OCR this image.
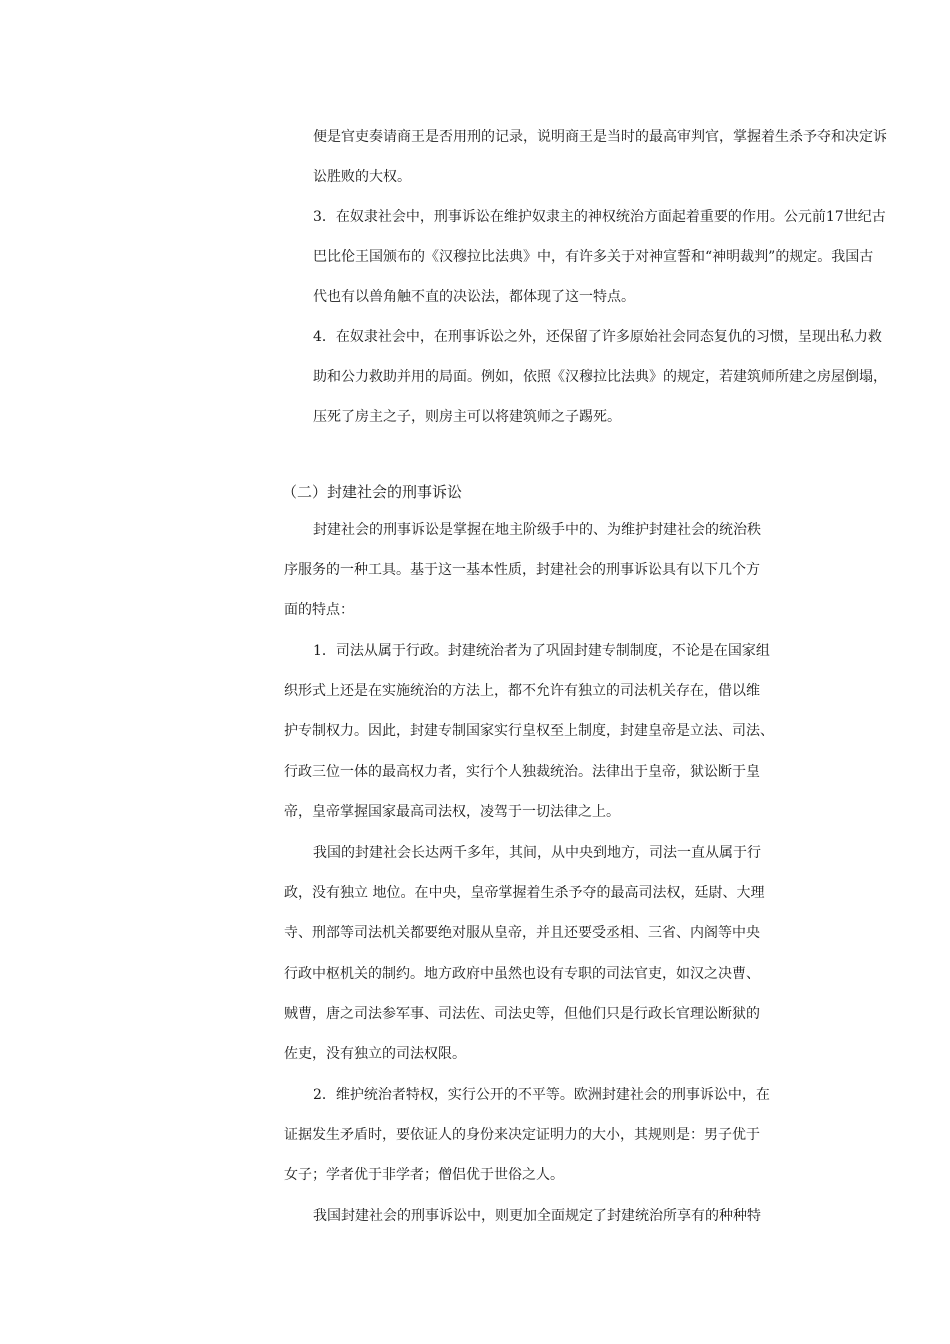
便是官吏奏请商王是否用刑的记录，说明商王是当时的最高审判官，掌握着生杀予夺和决定诉

讼胜败的大权。

3．在奴隶社会中，刑事诉讼在维护奴隶主的神权统治方面起着重要的作用。公元前17世纪古

巴比伦王国颁布的《汉穆拉比法典》中，有许多关于对神宣誓和“神明裁判”的规定。我国古

代也有以兽角触不直的决讼法，都体现了这一特点。

4．在奴隶社会中，在刑事诉讼之外，还保留了许多原始社会同态复仇的习惯，呈现出私力救

助和公力救助并用的局面。例如，依照《汉穆拉比法典》的规定，若建筑师所建之房屋倒塌，

压死了房主之子，则房主可以将建筑师之子踢死。

（二）封建社会的刑事诉讼

封建社会的刑事诉讼是掌握在地主阶级手中的、为维护封建社会的统治秩

序服务的一种工具。基于这一基本性质，封建社会的刑事诉讼具有以下几个方

面的特点：

1．司法从属于行政。封建统治者为了巩固封建专制制度，不论是在国家组

织形式上还是在实施统治的方法上，都不允许有独立的司法机关存在，借以维

护专制权力。因此，封建专制国家实行皇权至上制度，封建皇帝是立法、司法、

行政三位一体的最高权力者，实行个人独裁统治。法律出于皇帝，狱讼断于皇

帝，皇帝掌握国家最高司法权，凌驾于一切法律之上。

我国的封建社会长达两千多年，其间，从中央到地方，司法一直从属于行

政，没有独立 地位。在中央，皇帝掌握着生杀予夺的最高司法权，廷尉、大理

寺、刑部等司法机关都要绝对服从皇帝，并且还要受丞相、三省、内阁等中央

行政中枢机关的制约。地方政府中虽然也设有专职的司法官吏，如汉之决曹、

贼曹，唐之司法参军事、司法佐、司法史等，但他们只是行政长官理讼断狱的

佐吏，没有独立的司法权限。

2．维护统治者特权，实行公开的不平等。欧洲封建社会的刑事诉讼中，在

证据发生矛盾时，要依证人的身份来决定证明力的大小，其规则是：男子优于

女子；学者优于非学者；僧侣优于世俗之人。

我国封建社会的刑事诉讼中，则更加全面规定了封建统治所享有的种种特
